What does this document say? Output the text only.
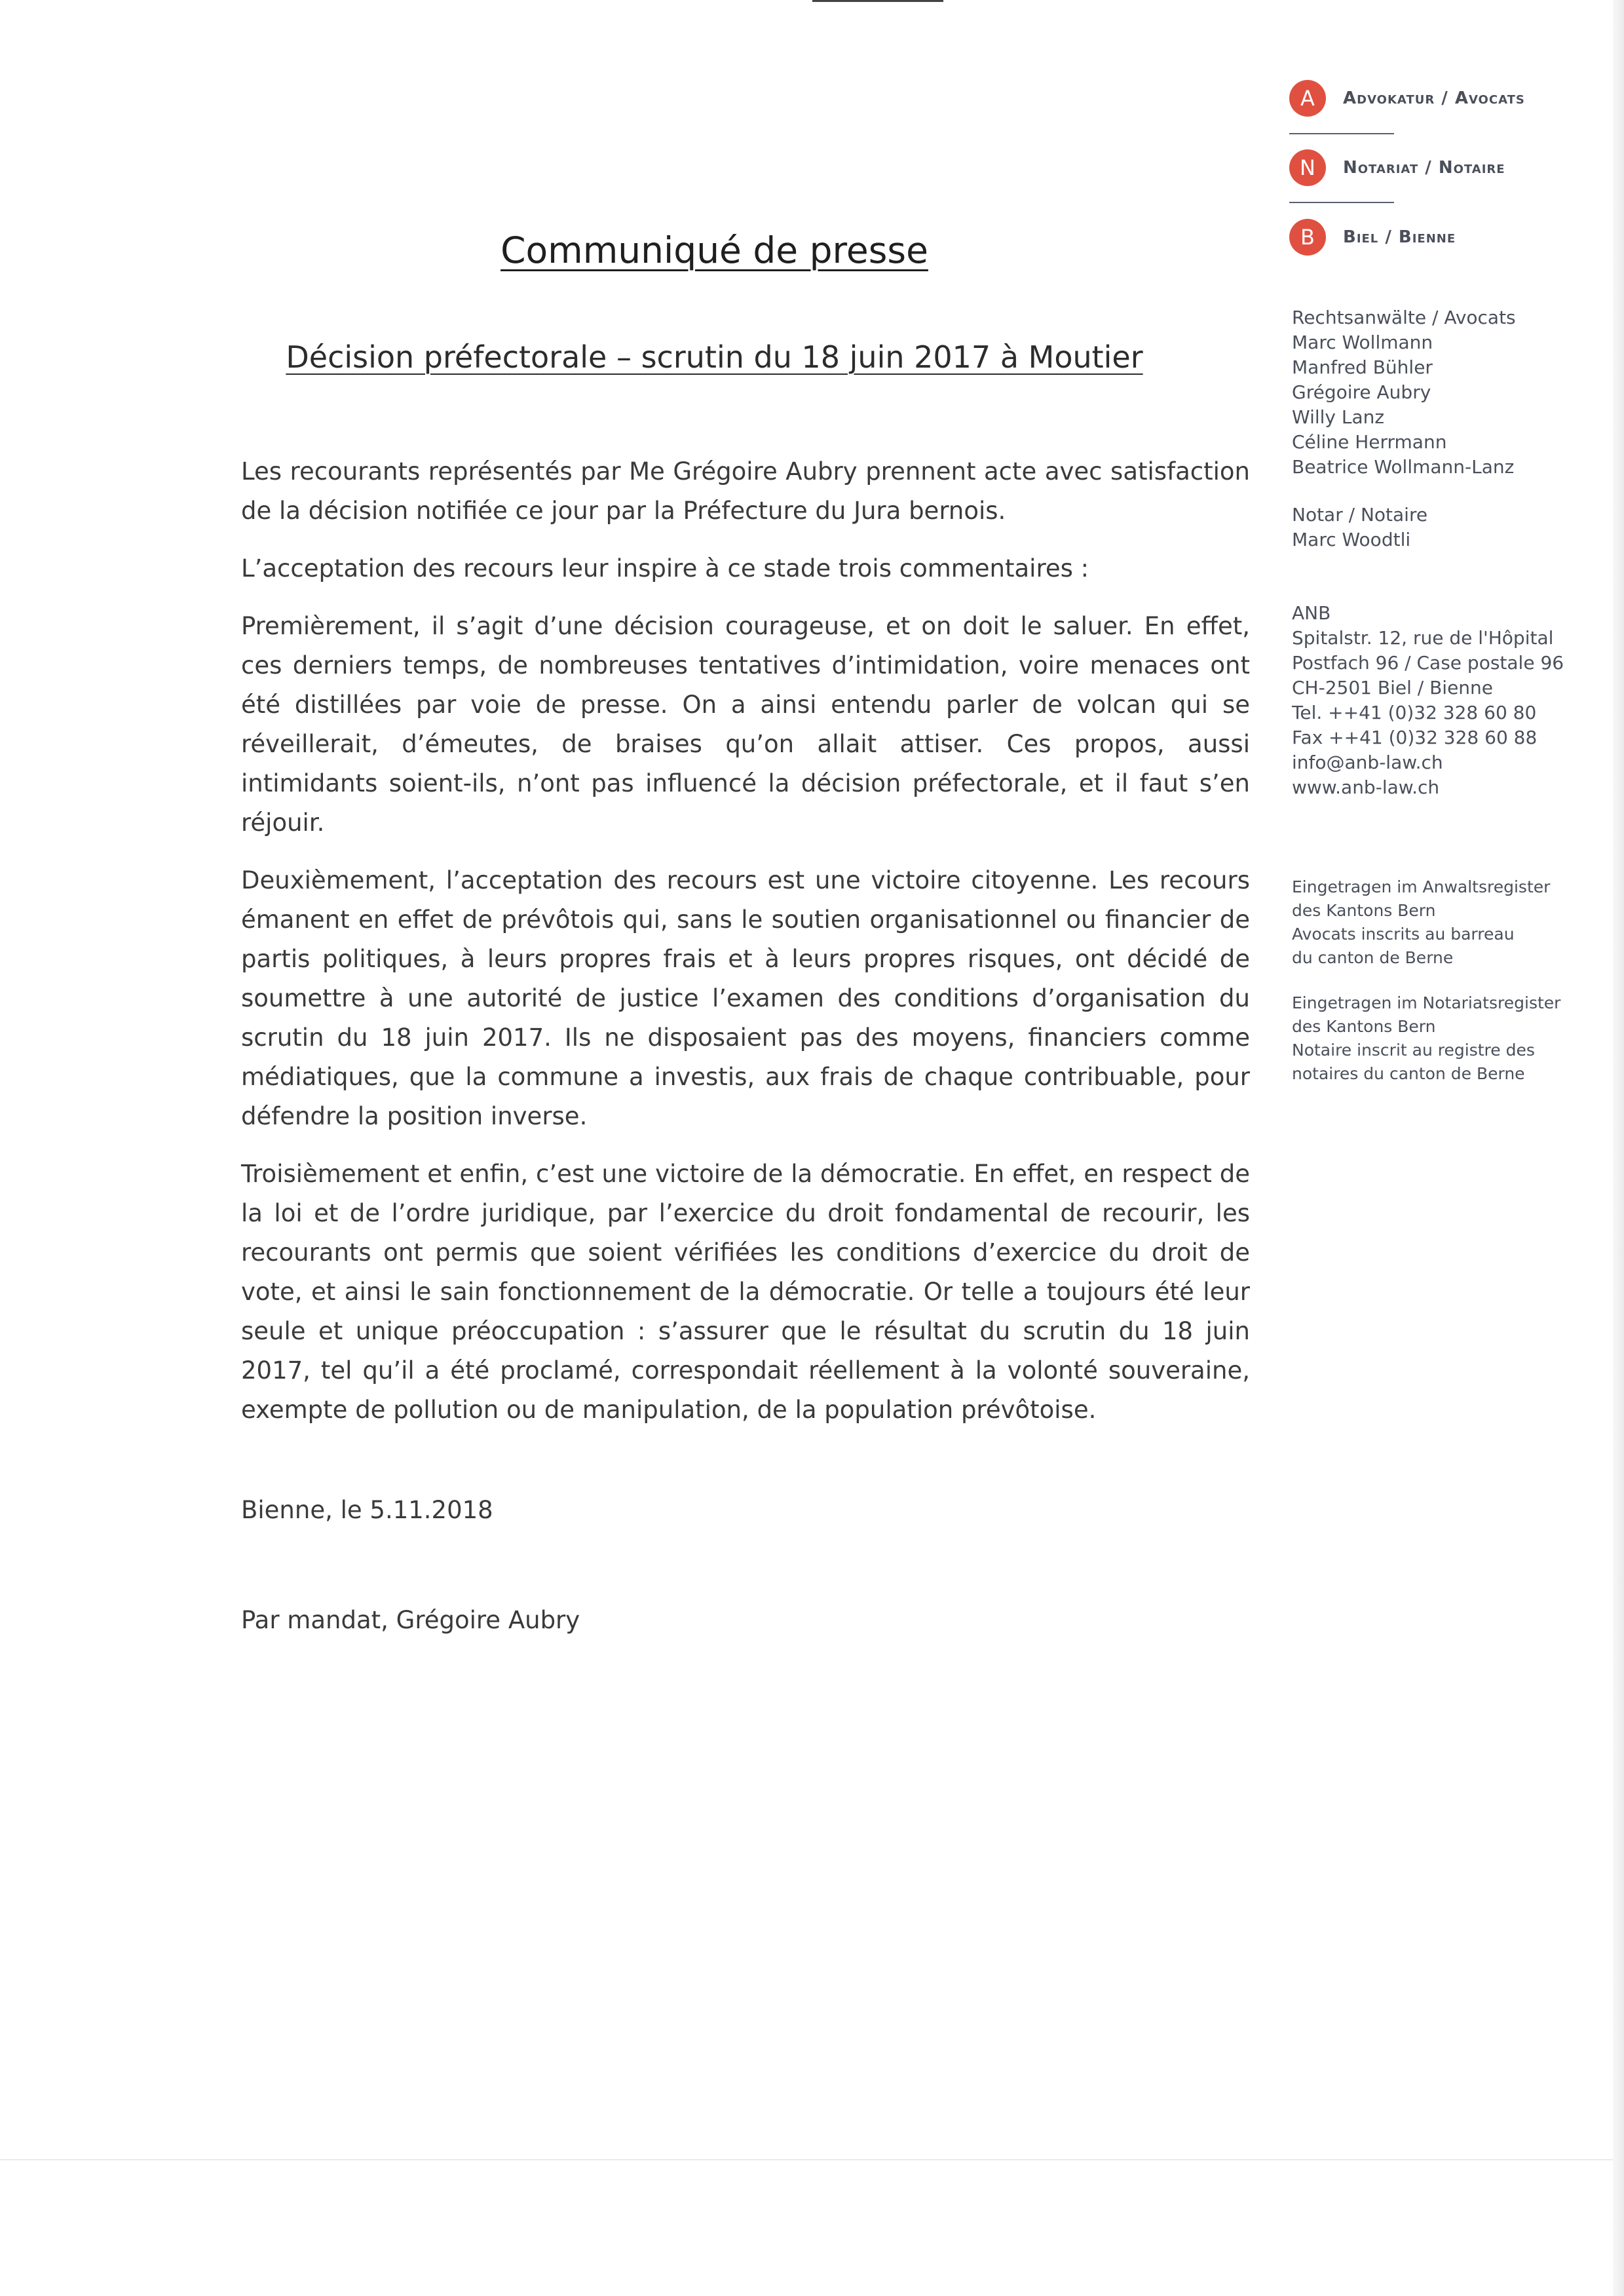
A	Advokatur / Avocats
N	Notariat / Notaire
B	Biel / Bienne
Rechtsanwälte / Avocats
Marc Wollmann
Manfred Bühler
Grégoire Aubry
Willy Lanz
Céline Herrmann
Beatrice Wollmann-Lanz
Notar / Notaire
Marc Woodtli
ANB
Spitalstr. 12, rue de l'Hôpital
Postfach 96 / Case postale 96
CH-2501 Biel / Bienne
Tel. ++41 (0)32 328 60 80
Fax ++41 (0)32 328 60 88
info@anb-law.ch
www.anb-law.ch
Eingetragen im Anwaltsregister
des Kantons Bern
Avocats inscrits au barreau
du canton de Berne
Eingetragen im Notariatsregister
des Kantons Bern
Notaire inscrit au registre des
notaires du canton de Berne
Communiqué de presse
Décision préfectorale – scrutin du 18 juin 2017 à Moutier

Les recourants représentés par Me Grégoire Aubry prennent acte avec satisfaction de la décision notifiée ce jour par la Préfecture du Jura bernois.

L’acceptation des recours leur inspire à ce stade trois commentaires :

Premièrement, il s’agit d’une décision courageuse, et on doit le saluer. En effet, ces derniers temps, de nombreuses tentatives d’intimidation, voire menaces ont été distillées par voie de presse. On a ainsi entendu parler de volcan qui se réveillerait, d’émeutes, de braises qu’on allait attiser. Ces propos, aussi intimidants soient-ils, n’ont pas influencé la décision préfectorale, et il faut s’en réjouir.

Deuxièmement, l’acceptation des recours est une victoire citoyenne. Les recours émanent en effet de prévôtois qui, sans le soutien organisationnel ou financier de partis politiques, à leurs propres frais et à leurs propres risques, ont décidé de soumettre à une autorité de justice l’examen des conditions d’organisation du scrutin du 18 juin 2017. Ils ne disposaient pas des moyens, financiers comme médiatiques, que la commune a investis, aux frais de chaque contribuable, pour défendre la position inverse.

Troisièmement et enfin, c’est une victoire de la démocratie. En effet, en respect de la loi et de l’ordre juridique, par l’exercice du droit fondamental de recourir, les recourants ont permis que soient vérifiées les conditions d’exercice du droit de vote, et ainsi le sain fonctionnement de la démocratie. Or telle a toujours été leur seule et unique préoccupation : s’assurer que le résultat du scrutin du 18 juin 2017, tel qu’il a été proclamé, correspondait réellement à la volonté souveraine, exempte de pollution ou de manipulation, de la population prévôtoise.

Bienne, le 5.11.2018
Par mandat, Grégoire Aubry
